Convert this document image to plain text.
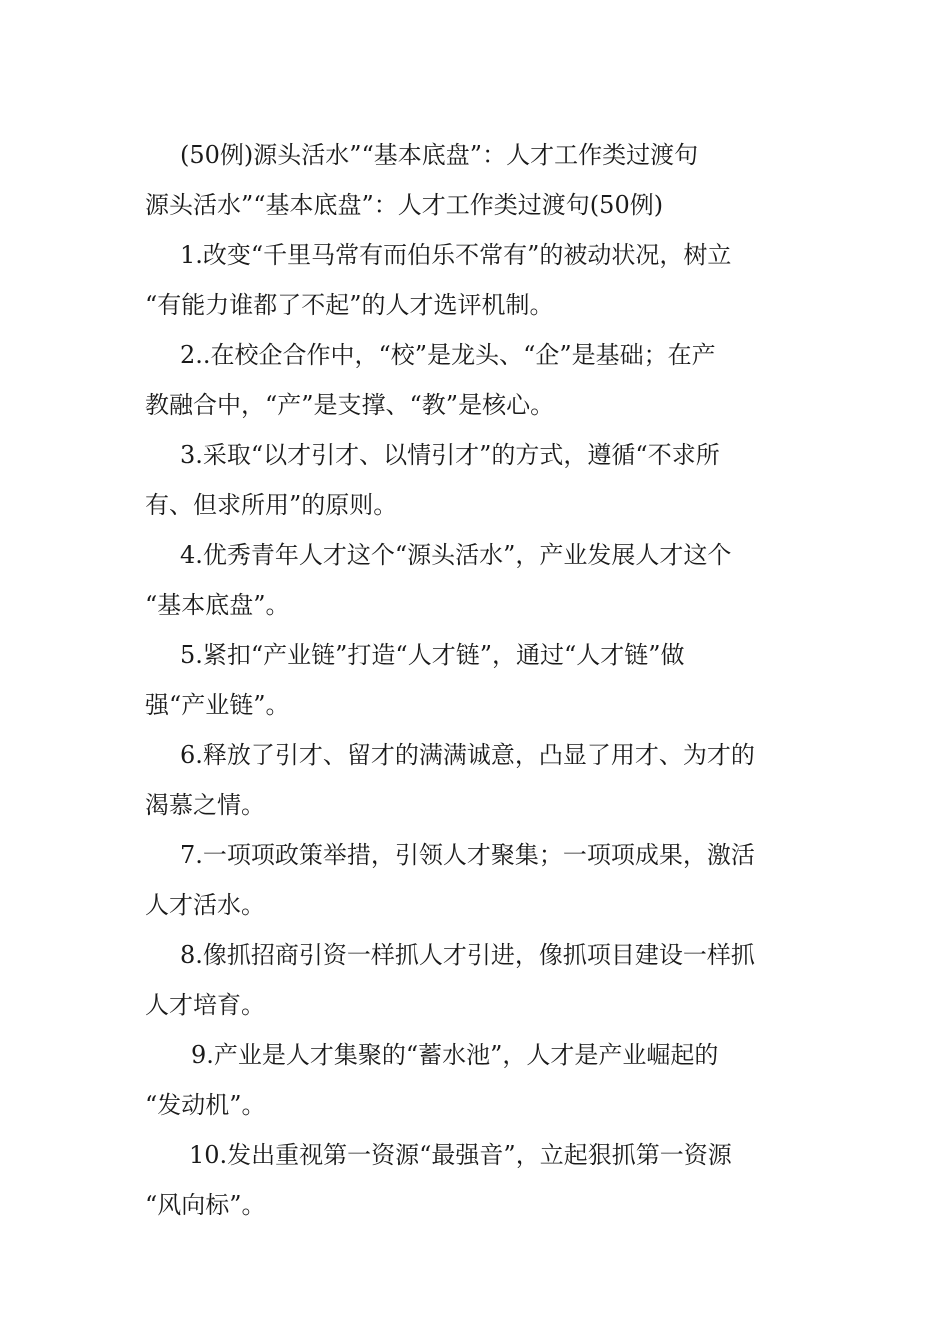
(50例)源头活水”“基本底盘”：人才工作类过渡句
源头活水”“基本底盘”：人才工作类过渡句(50例)
1.改变“千里马常有而伯乐不常有”的被动状况，树立
“有能力谁都了不起”的人才选评机制。
2..在校企合作中，“校”是龙头、“企”是基础；在产
教融合中，“产”是支撑、“教”是核心。
3.采取“以才引才、以情引才”的方式，遵循“不求所
有、但求所用”的原则。
4.优秀青年人才这个“源头活水”，产业发展人才这个
“基本底盘”。
5.紧扣“产业链”打造“人才链”，通过“人才链”做
强“产业链”。
6.释放了引才、留才的满满诚意，凸显了用才、为才的
渴慕之情。
7.一项项政策举措，引领人才聚集；一项项成果，激活
人才活水。
8.像抓招商引资一样抓人才引进，像抓项目建设一样抓
人才培育。
9.产业是人才集聚的“蓄水池”，人才是产业崛起的
“发动机”。
10.发出重视第一资源“最强音”，立起狠抓第一资源
“风向标”。
